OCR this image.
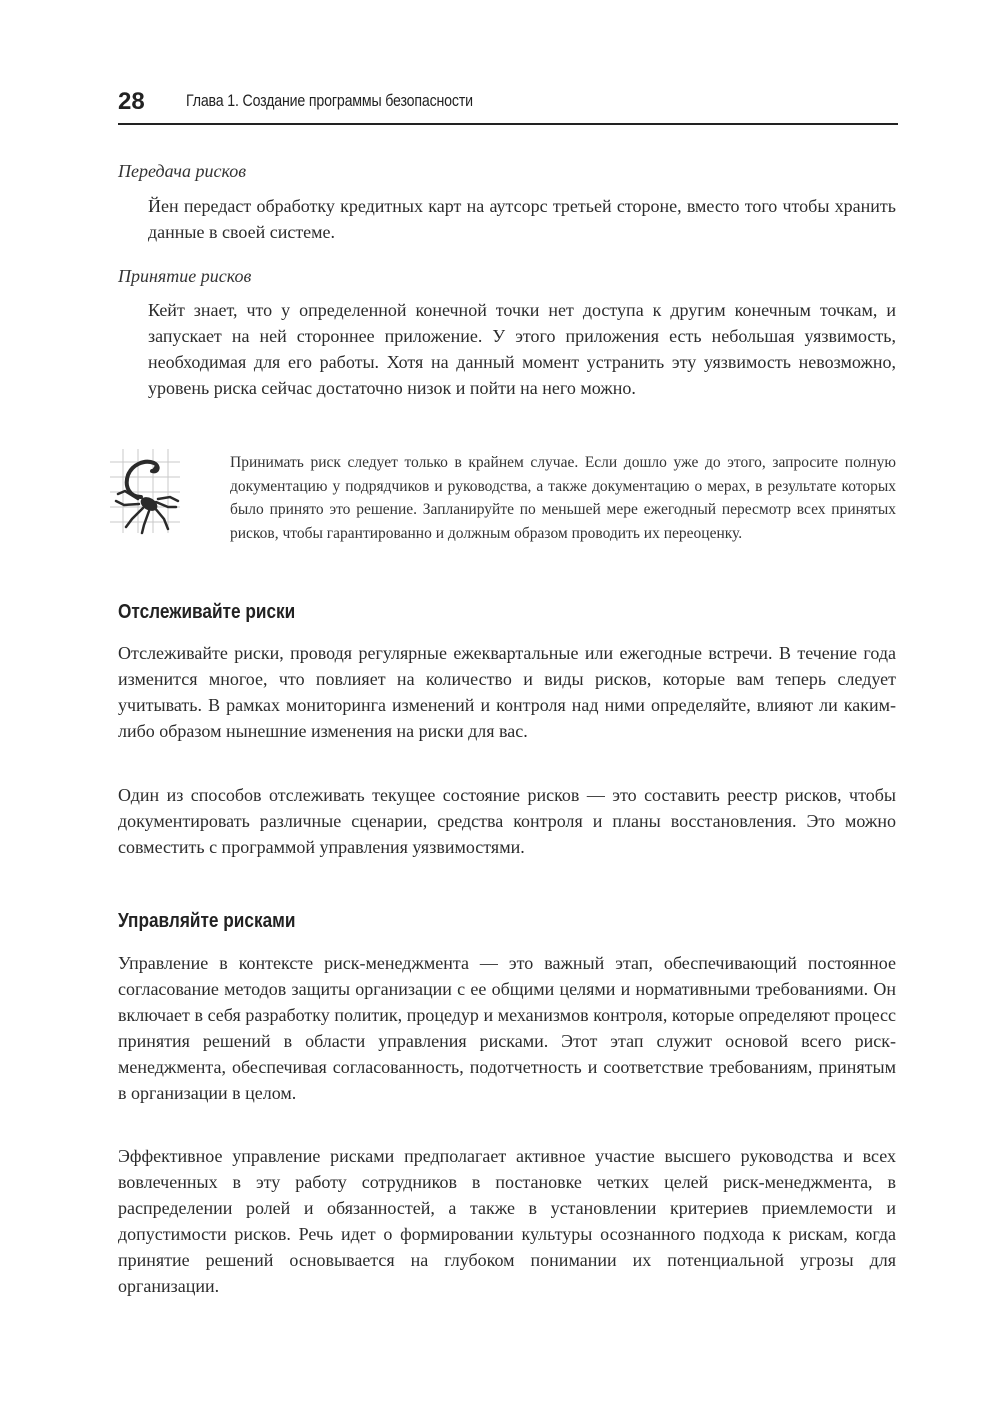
28	Глава 1. Создание программы безопасности
Передача рисков

Йен передаст обработку кредитных карт на аутсорс третьей стороне, вместо того чтобы хранить данные в своей системе.

Принятие рисков

Кейт знает, что у определенной конечной точки нет доступа к другим конечным точкам, и запускает на ней стороннее приложение. У этого приложения есть небольшая уязвимость, необходимая для его работы. Хотя на данный момент устранить эту уязвимость невозможно, уровень риска сейчас достаточно низок и пойти на него можно.

Принимать риск следует только в крайнем случае. Если дошло уже до этого, запросите полную документацию у подрядчиков и руководства, а также документацию о мерах, в результате которых было принято это решение. Запланируйте по меньшей мере ежегодный пересмотр всех принятых рисков, чтобы гарантированно и должным образом проводить их переоценку.

Отслеживайте риски

Отслеживайте риски, проводя регулярные ежеквартальные или ежегодные встречи. В течение года изменится многое, что повлияет на количество и виды рисков, которые вам теперь следует учитывать. В рамках мониторинга изменений и контроля над ними определяйте, влияют ли каким-либо образом нынешние изменения на риски для вас.

Один из способов отслеживать текущее состояние рисков — это составить реестр рисков, чтобы документировать различные сценарии, средства контроля и планы восстановления. Это можно совместить с программой управления уязвимостями.

Управляйте рисками

Управление в контексте риск-менеджмента — это важный этап, обеспечивающий постоянное согласование методов защиты организации с ее общими целями и нормативными требованиями. Он включает в себя разработку политик, процедур и механизмов контроля, которые определяют процесс принятия решений в области управления рисками. Этот этап служит основой всего риск-менеджмента, обеспечивая согласованность, подотчетность и соответствие требованиям, принятым в организации в целом.

Эффективное управление рисками предполагает активное участие высшего руководства и всех вовлеченных в эту работу сотрудников в постановке четких целей риск-менеджмента, в распределении ролей и обязанностей, а также в установлении критериев приемлемости и допустимости рисков. Речь идет о формировании культуры осознанного подхода к рискам, когда принятие решений основывается на глубоком понимании их потенциальной угрозы для организации.
